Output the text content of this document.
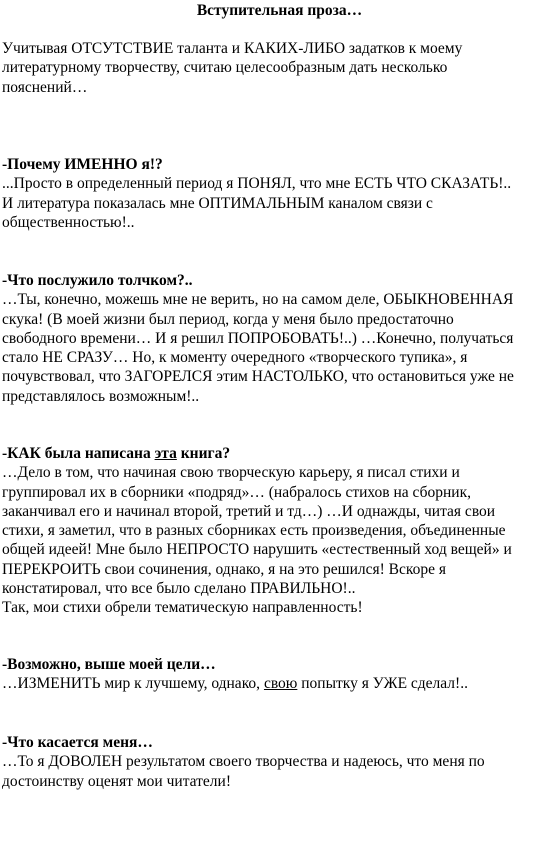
Вступительная проза…
Учитывая ОТСУТСТВИЕ таланта и КАКИХ-ЛИБО задатков к моему
литературному творчеству, считаю целесообразным дать несколько
пояснений…
-Почему ИМЕННО я!?
...Просто в определенный период я ПОНЯЛ, что мне ЕСТЬ ЧТО СКАЗАТЬ!..
И литература показалась мне ОПТИМАЛЬНЫМ каналом связи с
общественностью!..
-Что послужило толчком?..
…Ты, конечно, можешь мне не верить, но на самом деле, ОБЫКНОВЕННАЯ
скука! (В моей жизни был период, когда у меня было предостаточно
свободного времени… И я решил ПОПРОБОВАТЬ!..) …Конечно, получаться
стало НЕ СРАЗУ… Но, к моменту очередного «творческого тупика», я
почувствовал, что ЗАГОРЕЛСЯ этим НАСТОЛЬКО, что остановиться уже не
представлялось возможным!..
-КАК была написана эта книга?
…Дело в том, что начиная свою творческую карьеру, я писал стихи и
группировал их в сборники «подряд»… (набралось стихов на сборник,
заканчивал его и начинал второй, третий и тд…) …И однажды, читая свои
стихи, я заметил, что в разных сборниках есть произведения, объединенные
общей идеей! Мне было НЕПРОСТО нарушить «естественный ход вещей» и
ПЕРЕКРОИТЬ свои сочинения, однако, я на это решился! Вскоре я
констатировал, что все было сделано ПРАВИЛЬНО!..
Так, мои стихи обрели тематическую направленность!
-Возможно, выше моей цели…
…ИЗМЕНИТЬ мир к лучшему, однако, свою попытку я УЖЕ сделал!..
-Что касается меня…
…То я ДОВОЛЕН результатом своего творчества и надеюсь, что меня по
достоинству оценят мои читатели!
